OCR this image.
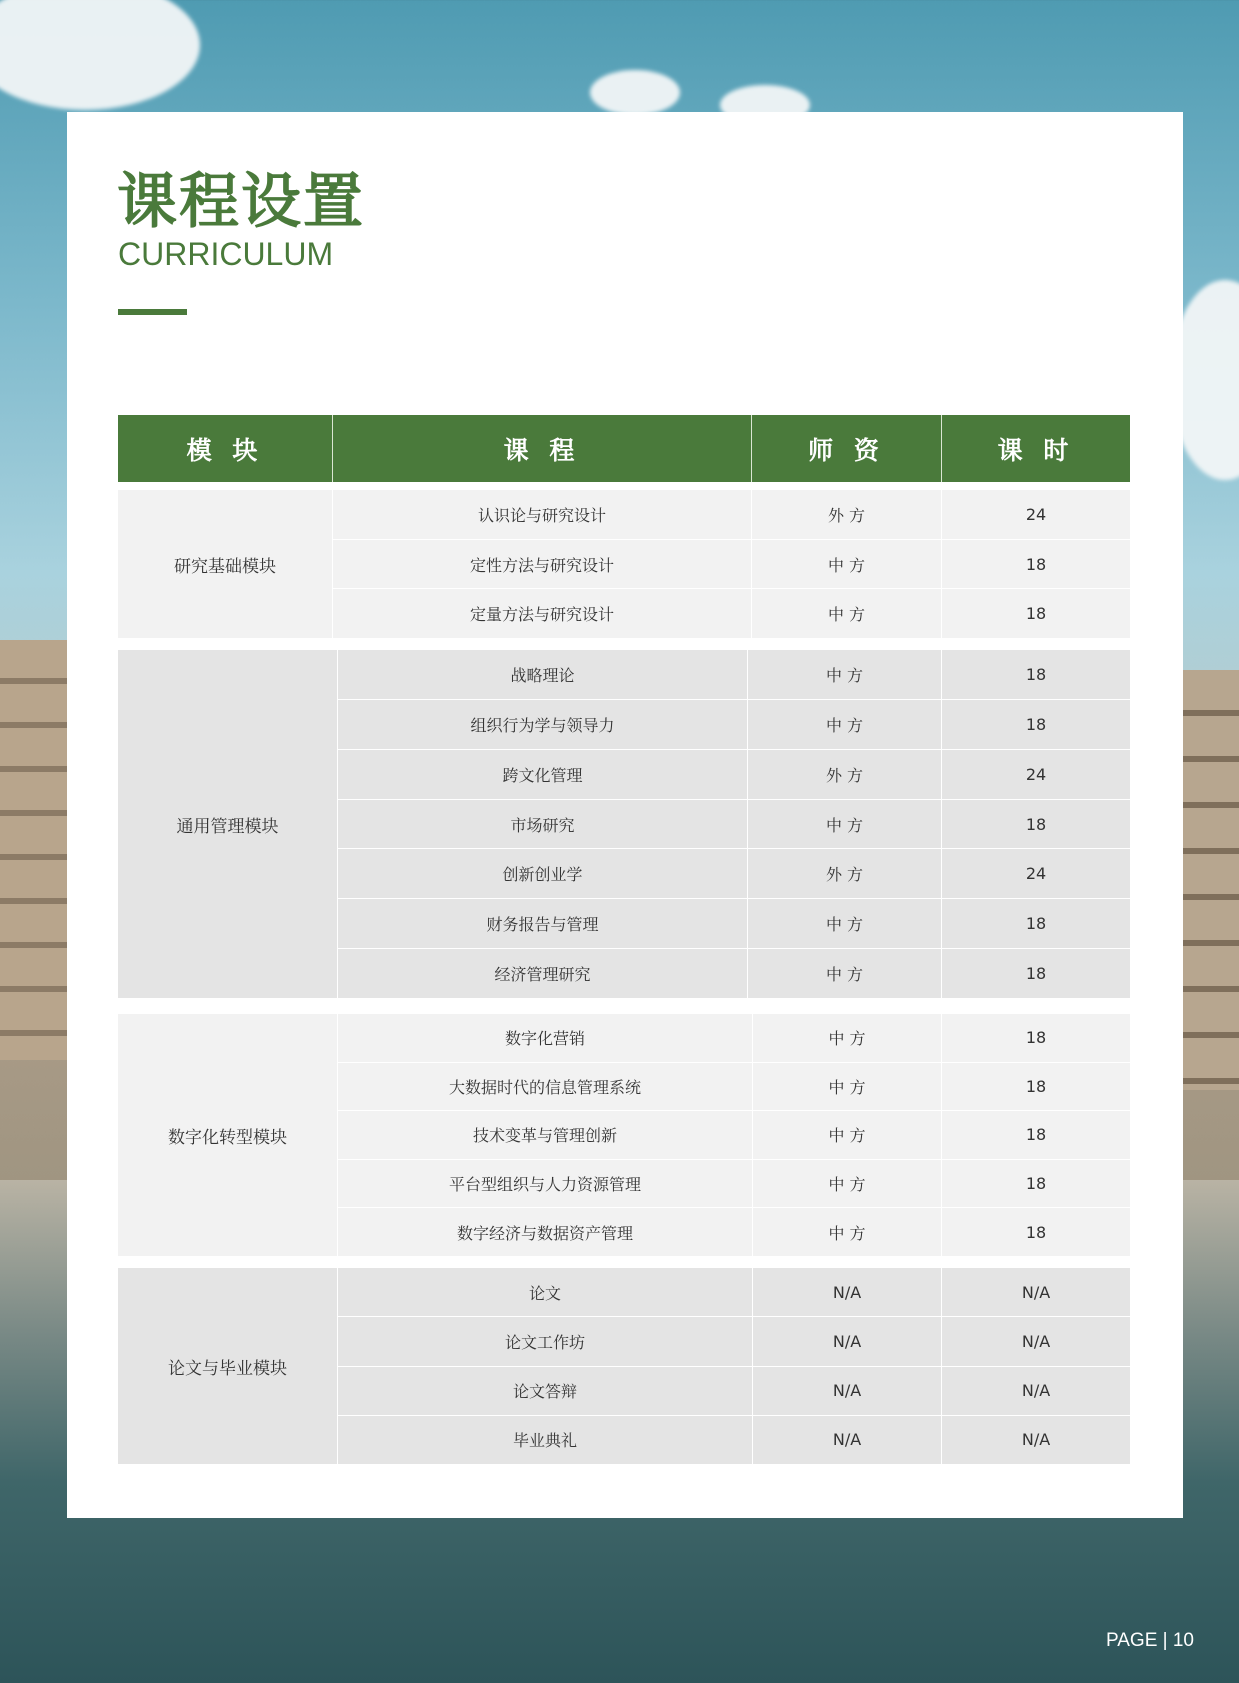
课程设置
CURRICULUM
模 块	课 程	师 资	课 时
研究基础模块
认识论与研究设计	外 方	24
定性方法与研究设计	中 方	18
定量方法与研究设计	中 方	18
通用管理模块
战略理论	中 方	18
组织行为学与领导力	中 方	18
跨文化管理	外 方	24
市场研究	中 方	18
创新创业学	外 方	24
财务报告与管理	中 方	18
经济管理研究	中 方	18
数字化转型模块
数字化营销	中 方	18
大数据时代的信息管理系统	中 方	18
技术变革与管理创新	中 方	18
平台型组织与人力资源管理	中 方	18
数字经济与数据资产管理	中 方	18
论文与毕业模块
论文	N/A	N/A
论文工作坊	N/A	N/A
论文答辩	N/A	N/A
毕业典礼	N/A	N/A
PAGE | 10
